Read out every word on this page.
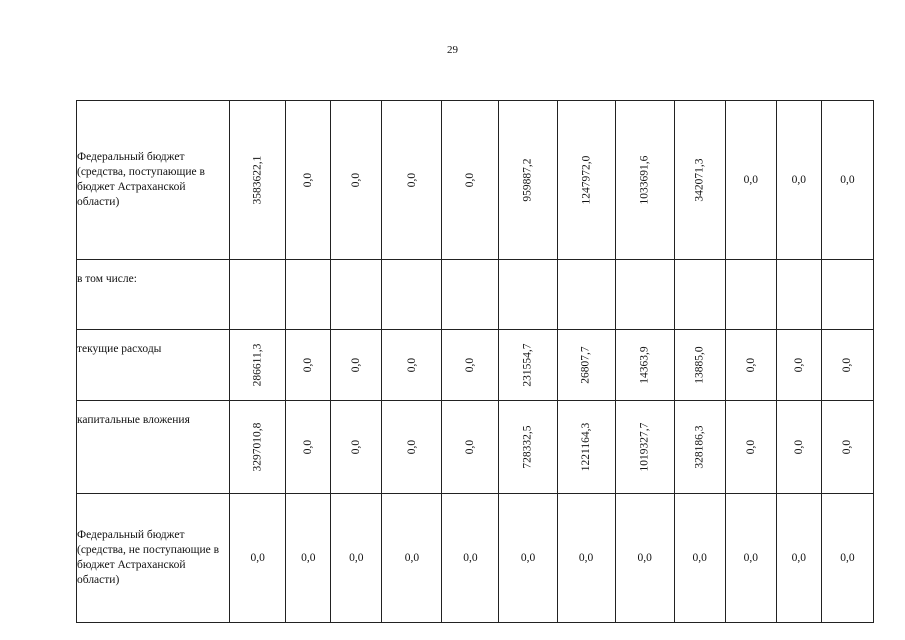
29
Федеральный бюджет (средства, поступающие в бюджет Астраханской области)	3583622,1	0,0	0,0	0,0	0,0	959887,2	1247972,0	1033691,6	342071,3	0,0	0,0	0,0

в том числе:	

текущие расходы	286611,3	0,0	0,0	0,0	0,0	231554,7	26807,7	14363,9	13885,0	0,0	0,0	0,0

капитальные вложения	3297010,8	0,0	0,0	0,0	0,0	728332,5	1221164,3	1019327,7	328186,3	0,0	0,0	0,0

Федеральный бюджет (средства, не поступающие в бюджет Астраханской области)	0,0	0,0	0,0	0,0	0,0	0,0	0,0	0,0	0,0	0,0	0,0	0,0
